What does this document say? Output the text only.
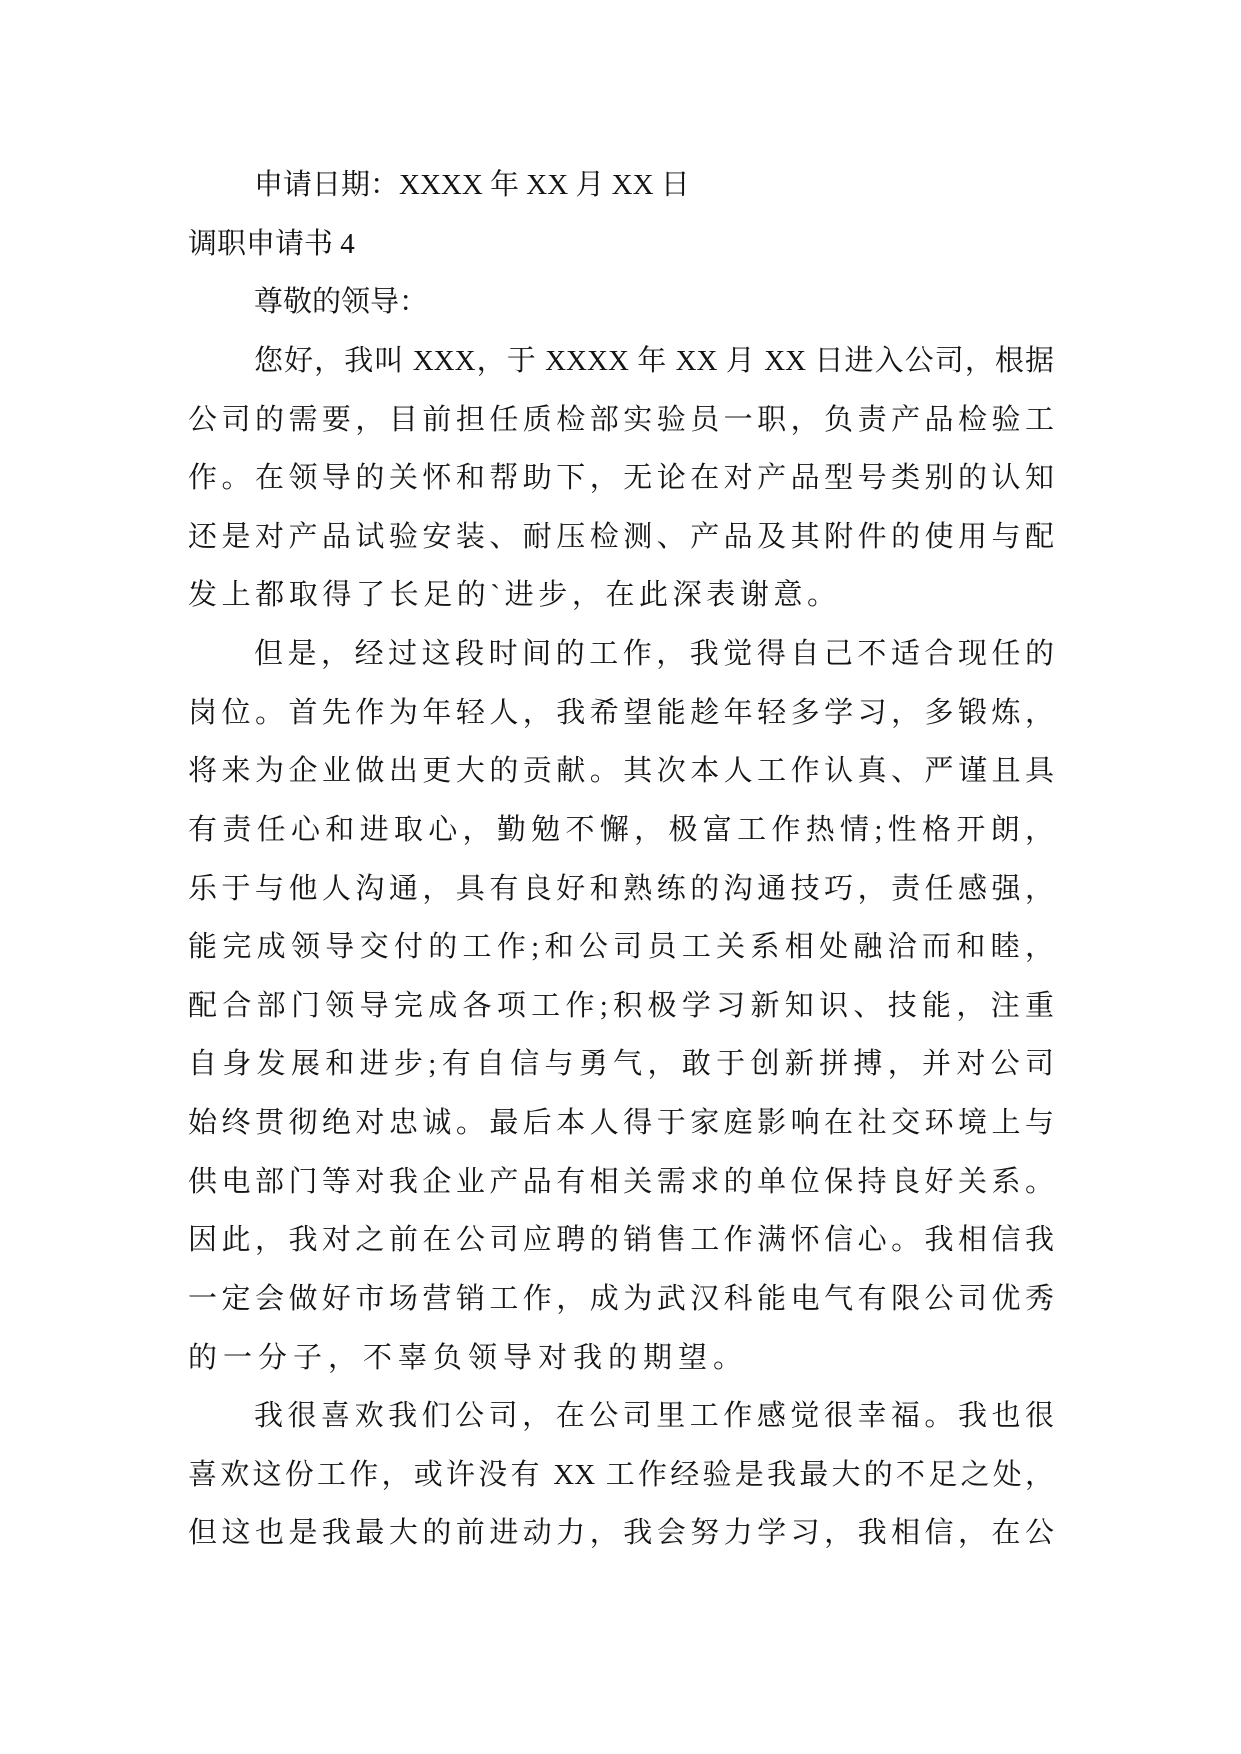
申请日期：XXXX 年 XX 月 XX 日
调职申请书 4
尊敬的领导：
您好，我叫 XXX，于 XXXX 年 XX 月 XX 日进入公司，根据
公司的需要，目前担任质检部实验员一职，负责产品检验工
作。在领导的关怀和帮助下，无论在对产品型号类别的认知
还是对产品试验安装、耐压检测、产品及其附件的使用与配
发上都取得了长足的`进步，在此深表谢意。
但是，经过这段时间的工作，我觉得自己不适合现任的
岗位。首先作为年轻人，我希望能趁年轻多学习，多锻炼，
将来为企业做出更大的贡献。其次本人工作认真、严谨且具
有责任心和进取心，勤勉不懈，极富工作热情;性格开朗，
乐于与他人沟通，具有良好和熟练的沟通技巧，责任感强，
能完成领导交付的工作;和公司员工关系相处融洽而和睦，
配合部门领导完成各项工作;积极学习新知识、技能，注重
自身发展和进步;有自信与勇气，敢于创新拼搏，并对公司
始终贯彻绝对忠诚。最后本人得于家庭影响在社交环境上与
供电部门等对我企业产品有相关需求的单位保持良好关系。
因此，我对之前在公司应聘的销售工作满怀信心。我相信我
一定会做好市场营销工作，成为武汉科能电气有限公司优秀
的一分子，不辜负领导对我的期望。
我很喜欢我们公司，在公司里工作感觉很幸福。我也很
喜欢这份工作，或许没有 XX 工作经验是我最大的不足之处，
但这也是我最大的前进动力，我会努力学习，我相信，在公
